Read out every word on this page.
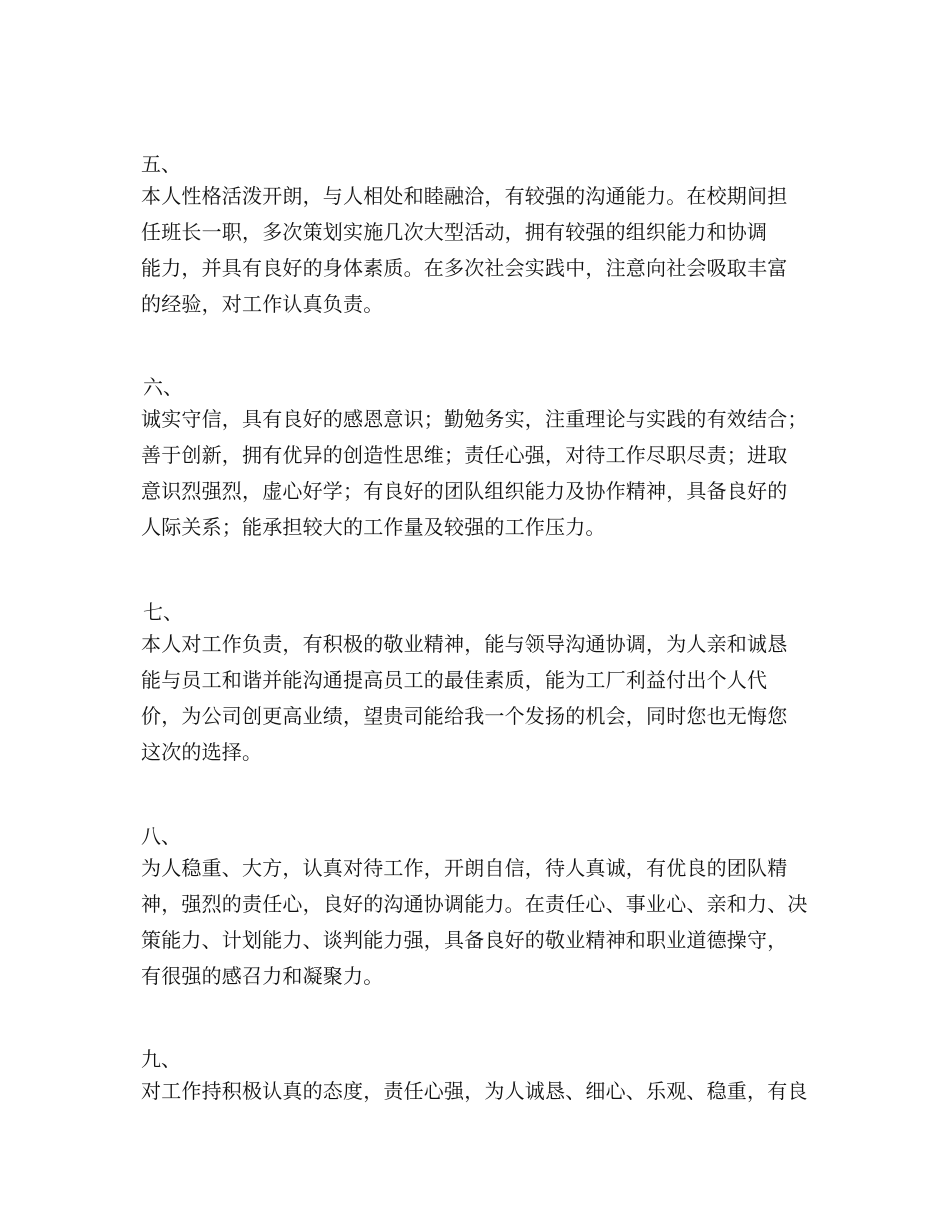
五、
本人性格活泼开朗，与人相处和睦融洽，有较强的沟通能力。在校期间担
任班长一职，多次策划实施几次大型活动，拥有较强的组织能力和协调
能力，并具有良好的身体素质。在多次社会实践中，注意向社会吸取丰富
的经验，对工作认真负责。
六、
诚实守信，具有良好的感恩意识；勤勉务实，注重理论与实践的有效结合；
善于创新，拥有优异的创造性思维；责任心强，对待工作尽职尽责；进取
意识烈强烈，虚心好学；有良好的团队组织能力及协作精神，具备良好的
人际关系；能承担较大的工作量及较强的工作压力。
七、
本人对工作负责，有积极的敬业精神，能与领导沟通协调，为人亲和诚恳
能与员工和谐并能沟通提高员工的最佳素质，能为工厂利益付出个人代
价，为公司创更高业绩，望贵司能给我一个发扬的机会，同时您也无悔您
这次的选择。
八、
为人稳重、大方，认真对待工作，开朗自信，待人真诚，有优良的团队精
神，强烈的责任心，良好的沟通协调能力。在责任心、事业心、亲和力、决
策能力、计划能力、谈判能力强，具备良好的敬业精神和职业道德操守，
有很强的感召力和凝聚力。
九、
对工作持积极认真的态度，责任心强，为人诚恳、细心、乐观、稳重，有良
